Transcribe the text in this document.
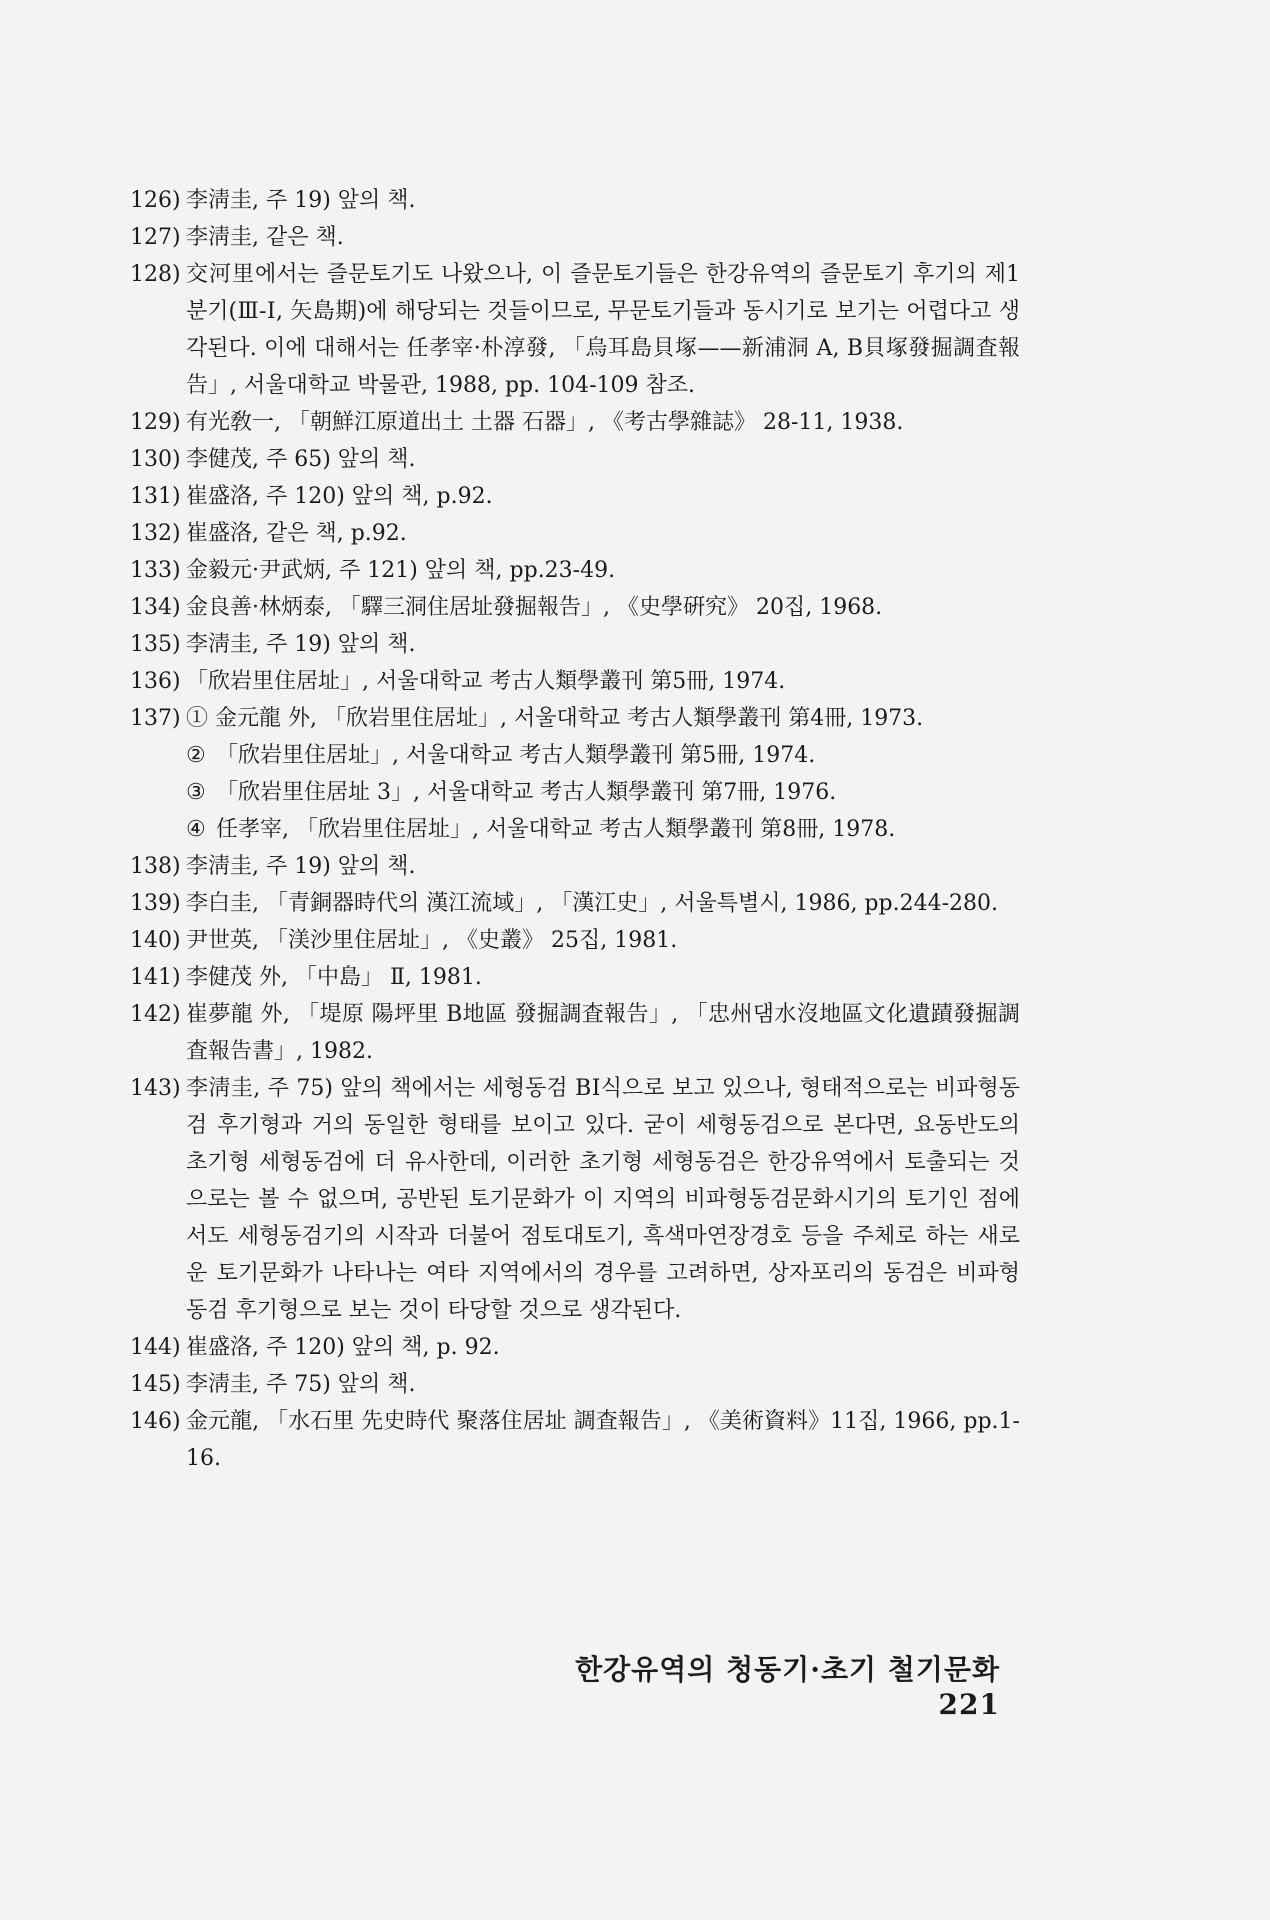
126) 李淸圭, 주 19) 앞의 책.
127) 李淸圭, 같은 책.
128) 交河里에서는 즐문토기도 나왔으나, 이 즐문토기들은 한강유역의 즐문토기 후기의 제1분기(Ⅲ-Ⅰ, 矢島期)에 해당되는 것들이므로, 무문토기들과 동시기로 보기는 어렵다고 생각된다. 이에 대해서는 任孝宰·朴淳發, 「烏耳島貝塚——新浦洞 A, B貝塚發掘調査報告」, 서울대학교 박물관, 1988, pp. 104-109 참조.
129) 有光敎一, 「朝鮮江原道出土 土器 石器」, 《考古學雜誌》 28-11, 1938.
130) 李健茂, 주 65) 앞의 책.
131) 崔盛洛, 주 120) 앞의 책, p.92.
132) 崔盛洛, 같은 책, p.92.
133) 金毅元·尹武炳, 주 121) 앞의 책, pp.23-49.
134) 金良善·林炳泰, 「驛三洞住居址發掘報告」, 《史學硏究》 20집, 1968.
135) 李淸圭, 주 19) 앞의 책.
136) 「欣岩里住居址」, 서울대학교 考古人類學叢刊 第5冊, 1974.
137) ① 金元龍 外, 「欣岩里住居址」, 서울대학교 考古人類學叢刊 第4冊, 1973.
② 「欣岩里住居址」, 서울대학교 考古人類學叢刊 第5冊, 1974.
③ 「欣岩里住居址 3」, 서울대학교 考古人類學叢刊 第7冊, 1976.
④ 任孝宰, 「欣岩里住居址」, 서울대학교 考古人類學叢刊 第8冊, 1978.
138) 李淸圭, 주 19) 앞의 책.
139) 李白圭, 「青銅器時代의 漢江流域」, 「漢江史」, 서울특별시, 1986, pp.244-280.
140) 尹世英, 「渼沙里住居址」, 《史叢》 25집, 1981.
141) 李健茂 外, 「中島」 Ⅱ, 1981.
142) 崔夢龍 外, 「堤原 陽坪里 B地區 發掘調査報告」, 「忠州댐水沒地區文化遺蹟發掘調査報告書」, 1982.
143) 李淸圭, 주 75) 앞의 책에서는 세형동검 BⅠ식으로 보고 있으나, 형태적으로는 비파형동검 후기형과 거의 동일한 형태를 보이고 있다. 굳이 세형동검으로 본다면, 요동반도의 초기형 세형동검에 더 유사한데, 이러한 초기형 세형동검은 한강유역에서 토출되는 것으로는 볼 수 없으며, 공반된 토기문화가 이 지역의 비파형동검문화시기의 토기인 점에서도 세형동검기의 시작과 더불어 점토대토기, 흑색마연장경호 등을 주체로 하는 새로운 토기문화가 나타나는 여타 지역에서의 경우를 고려하면, 상자포리의 동검은 비파형동검 후기형으로 보는 것이 타당할 것으로 생각된다.
144) 崔盛洛, 주 120) 앞의 책, p. 92.
145) 李淸圭, 주 75) 앞의 책.
146) 金元龍, 「水石里 先史時代 聚落住居址 調査報告」, 《美術資料》11집, 1966, pp.1-16.
한강유역의 청동기·초기 철기문화221
